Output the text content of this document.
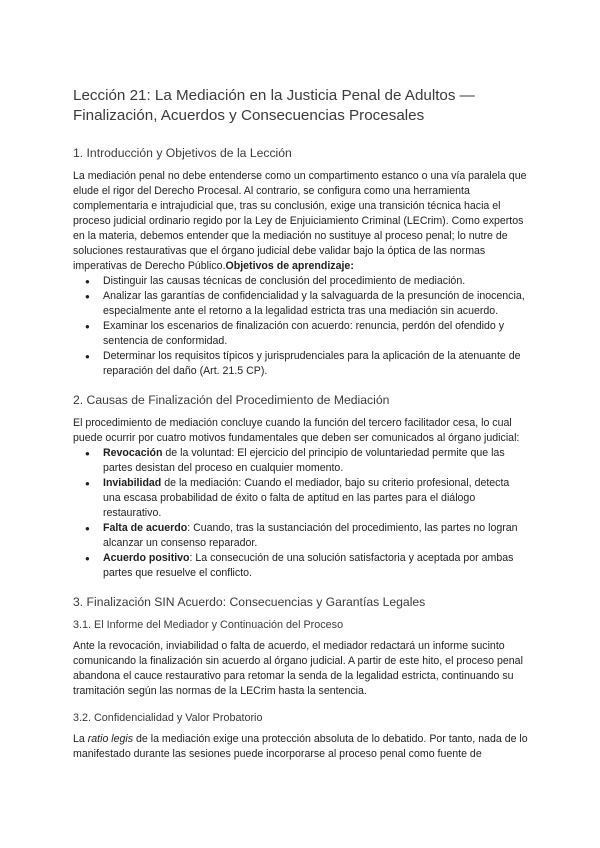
Lección 21: La Mediación en la Justicia Penal de Adultos — Finalización, Acuerdos y Consecuencias Procesales
1. Introducción y Objetivos de la Lección

La mediación penal no debe entenderse como un compartimento estanco o una vía paralela que elude el rigor del Derecho Procesal. Al contrario, se configura como una herramienta complementaria e intrajudicial que, tras su conclusión, exige una transición técnica hacia el proceso judicial ordinario regido por la Ley de Enjuiciamiento Criminal (LECrim). Como expertos en la materia, debemos entender que la mediación no sustituye al proceso penal; lo nutre de soluciones restaurativas que el órgano judicial debe validar bajo la óptica de las normas imperativas de Derecho Público.Objetivos de aprendizaje:

● Distinguir las causas técnicas de conclusión del procedimiento de mediación.
● Analizar las garantías de confidencialidad y la salvaguarda de la presunción de inocencia, especialmente ante el retorno a la legalidad estricta tras una mediación sin acuerdo.
● Examinar los escenarios de finalización con acuerdo: renuncia, perdón del ofendido y sentencia de conformidad.
● Determinar los requisitos típicos y jurisprudenciales para la aplicación de la atenuante de reparación del daño (Art. 21.5 CP).
2. Causas de Finalización del Procedimiento de Mediación

El procedimiento de mediación concluye cuando la función del tercero facilitador cesa, lo cual puede ocurrir por cuatro motivos fundamentales que deben ser comunicados al órgano judicial:

● Revocación de la voluntad: El ejercicio del principio de voluntariedad permite que las partes desistan del proceso en cualquier momento.
● Inviabilidad de la mediación: Cuando el mediador, bajo su criterio profesional, detecta una escasa probabilidad de éxito o falta de aptitud en las partes para el diálogo restaurativo.
● Falta de acuerdo: Cuando, tras la sustanciación del procedimiento, las partes no logran alcanzar un consenso reparador.
● Acuerdo positivo: La consecución de una solución satisfactoria y aceptada por ambas partes que resuelve el conflicto.
3. Finalización SIN Acuerdo: Consecuencias y Garantías Legales
3.1. El Informe del Mediador y Continuación del Proceso

Ante la revocación, inviabilidad o falta de acuerdo, el mediador redactará un informe sucinto comunicando la finalización sin acuerdo al órgano judicial. A partir de este hito, el proceso penal abandona el cauce restaurativo para retomar la senda de la legalidad estricta, continuando su tramitación según las normas de la LECrim hasta la sentencia.

3.2. Confidencialidad y Valor Probatorio

La ratio legis de la mediación exige una protección absoluta de lo debatido. Por tanto, nada de lo manifestado durante las sesiones puede incorporarse al proceso penal como fuente de
